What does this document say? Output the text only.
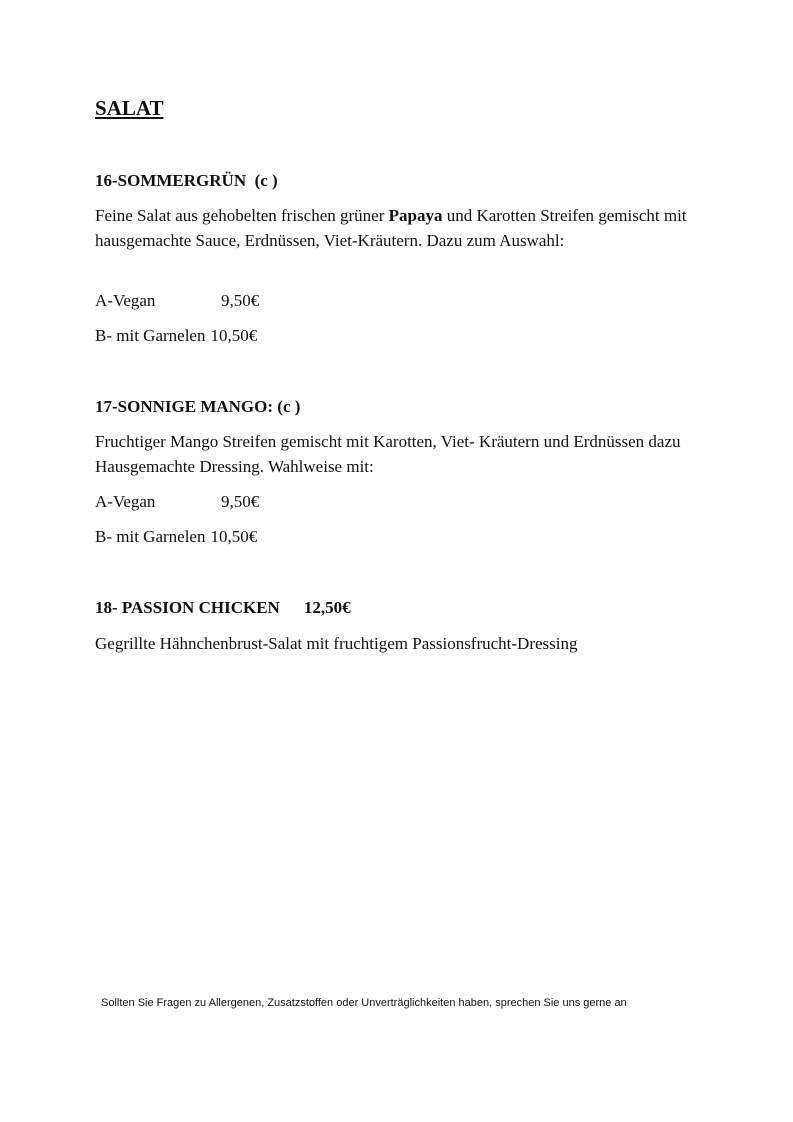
SALAT
16-SOMMERGRÜN  (c )

Feine Salat aus gehobelten frischen grüner Papaya und Karotten Streifen gemischt mit hausgemachte Sauce, Erdnüssen, Viet-Kräutern. Dazu zum Auswahl:

A-Vegan	9,50€

B- mit Garnelen 10,50€

17-SONNIGE MANGO: (c )

Fruchtiger Mango Streifen gemischt mit Karotten, Viet- Kräutern und Erdnüssen dazu Hausgemachte Dressing. Wahlweise mit:

A-Vegan	9,50€

B- mit Garnelen 10,50€

18- PASSION CHICKEN 12,50€

Gegrillte Hähnchenbrust-Salat mit fruchtigem Passionsfrucht-Dressing

Sollten Sie Fragen zu Allergenen, Zusatzstoffen oder Unverträglichkeiten haben, sprechen Sie uns gerne an
